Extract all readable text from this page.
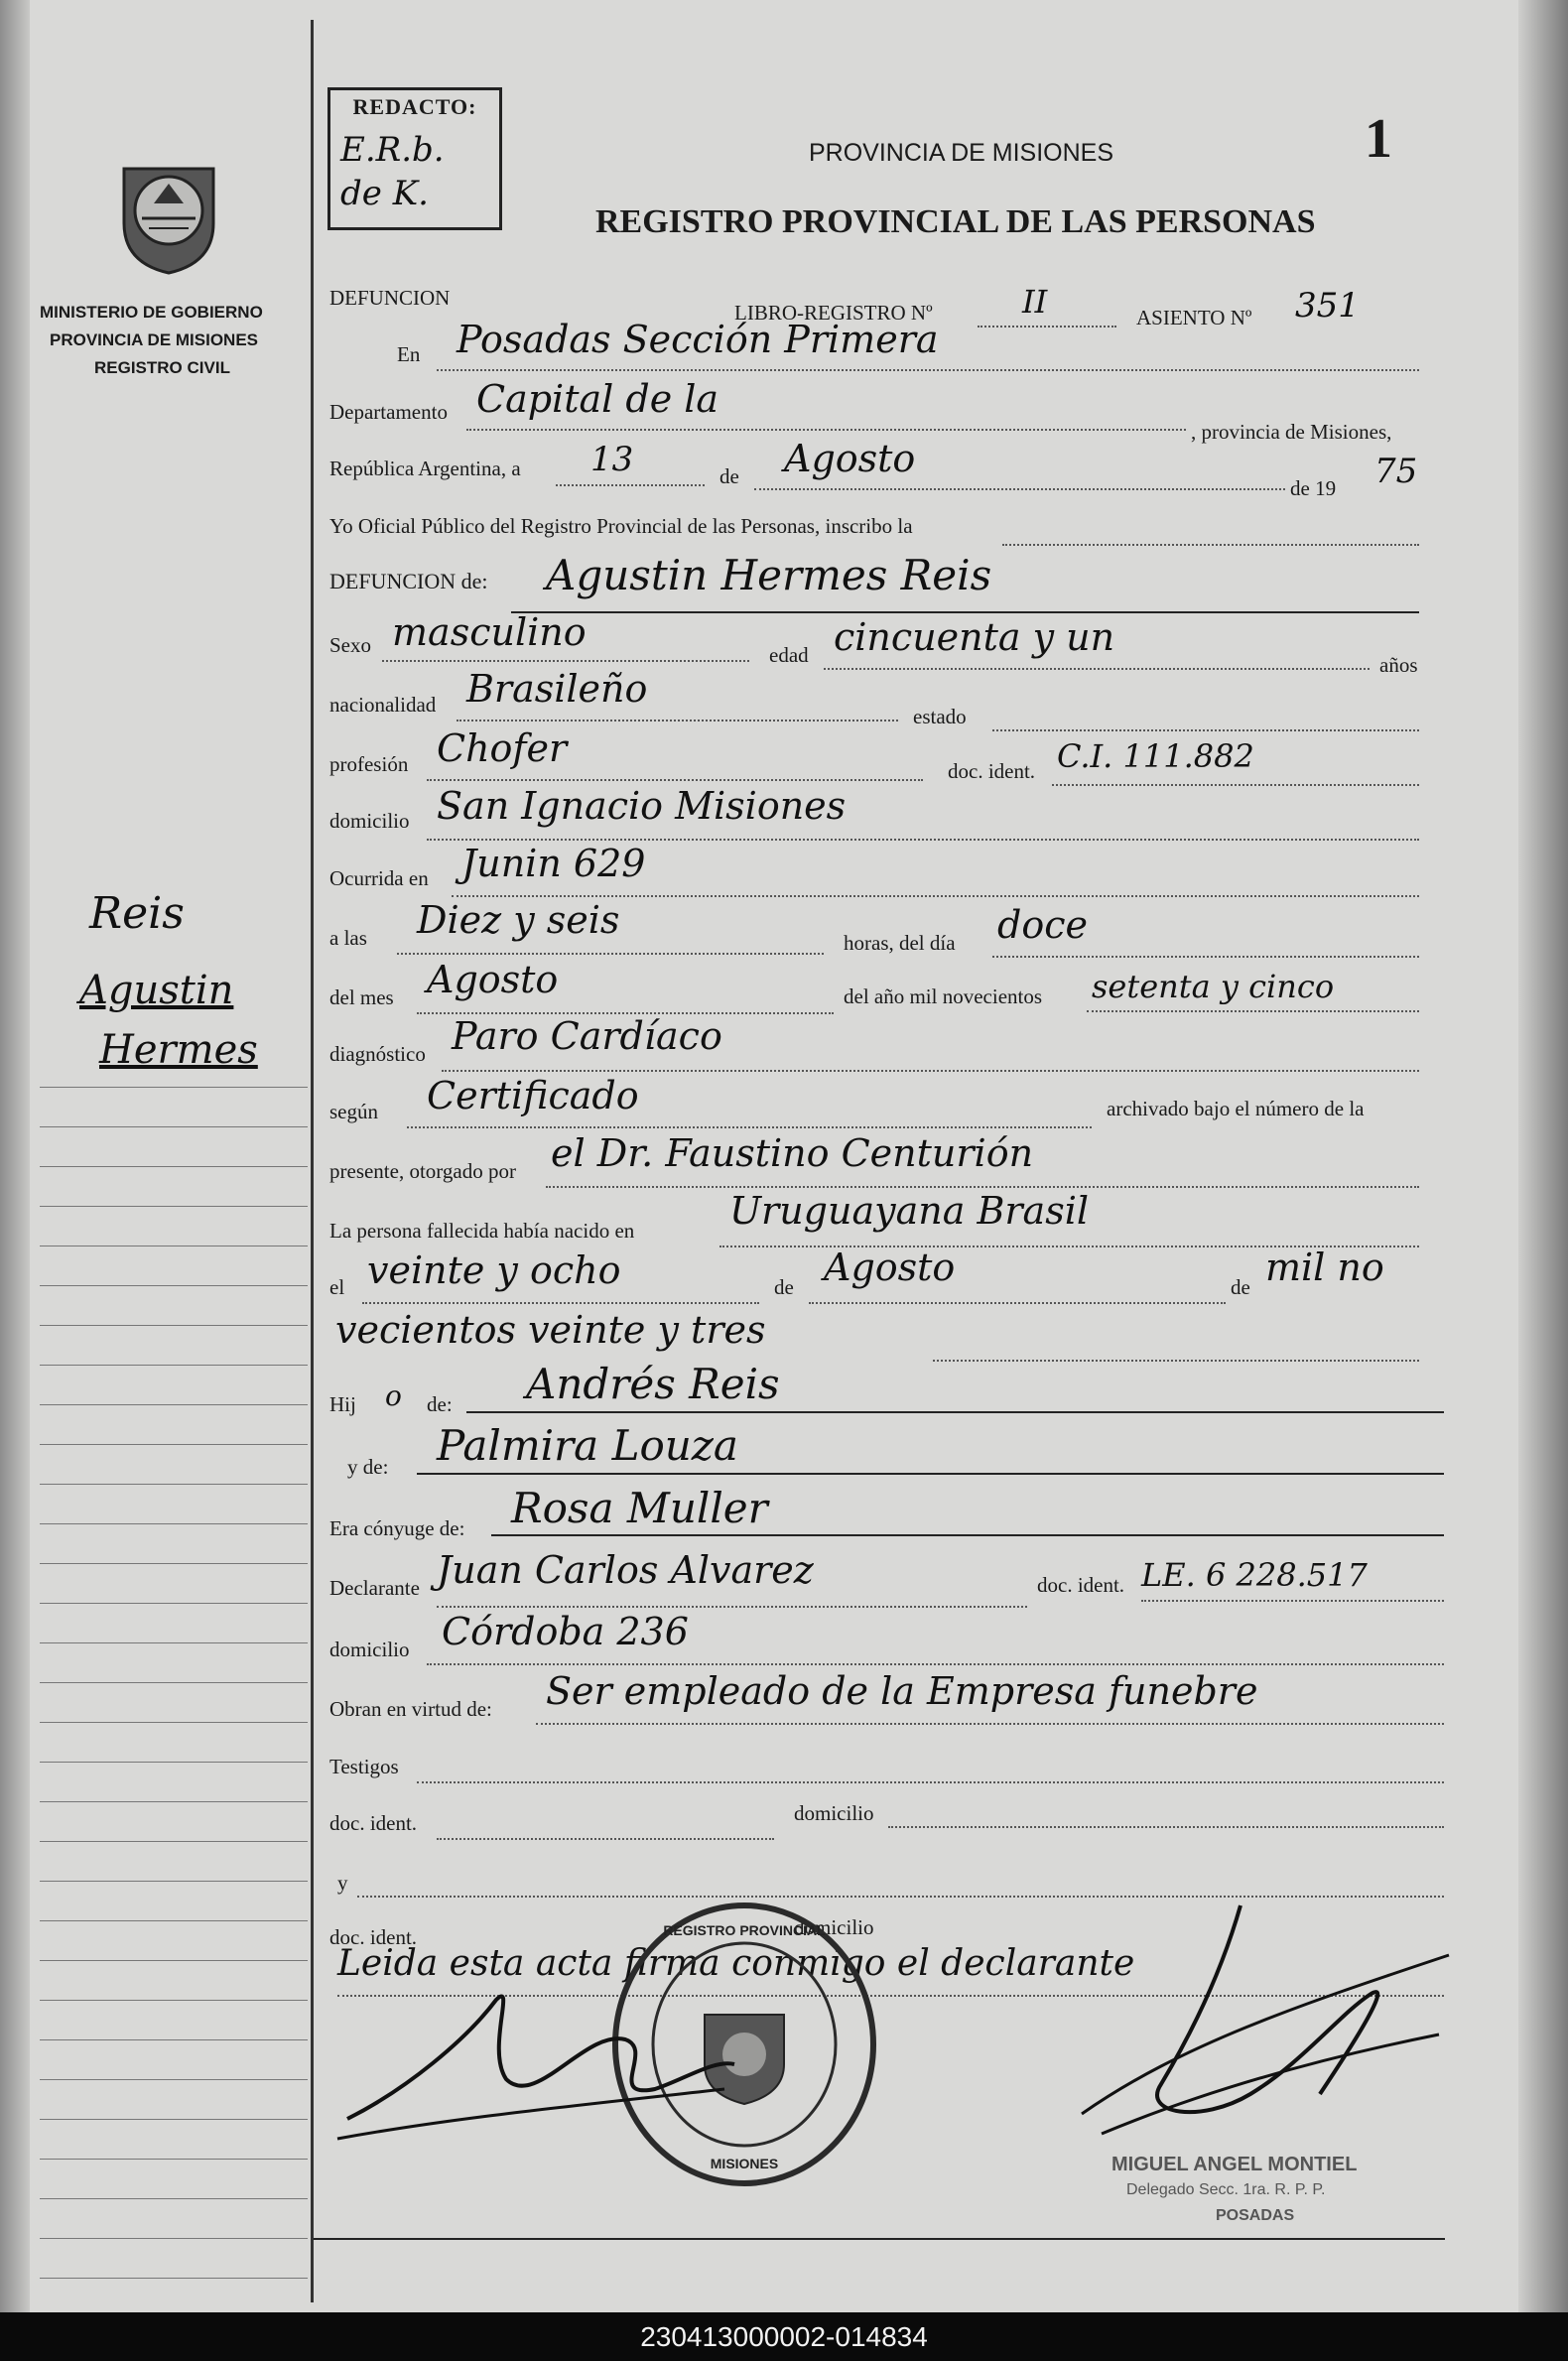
MINISTERIO DE GOBIERNO
PROVINCIA DE MISIONES
REGISTRO CIVIL
Reis
Agustin
Hermes
REDACTO:
E.R.b. de K.
PROVINCIA DE MISIONES
REGISTRO PROVINCIAL DE LAS PERSONAS
1
DEFUNCION
LIBRO-REGISTRO Nº	II	ASIENTO Nº 351
En Posadas Sección Primera
Departamento Capital de la
, provincia de Misiones,
República Argentina, a 13	de Agosto
de 19 75
Yo Oficial Público del Registro Provincial de las Personas, inscribo la
DEFUNCION de: Agustin Hermes Reis
Sexo masculino
edad cincuenta y un
años
nacionalidad Brasileño
estado
profesión Chofer
doc. ident. C.I. 111.882
domicilio San Ignacio Misiones
Ocurrida en Junin 629
a las Diez y seis
horas, del día doce
del mes Agosto	del año mil novecientos setenta y cinco
diagnóstico Paro Cardíaco
según Certificado	archivado bajo el número de la
presente, otorgado por el Dr. Faustino Centurión
La persona fallecida había nacido en	Uruguayana Brasil
el veinte y ocho	de Agosto	de mil no
vecientos veinte y tres
Hij o de: Andrés Reis
y de: Palmira Louza
Era cónyuge de: Rosa Muller
Declarante Juan Carlos Alvarez	doc. ident. LE. 6 228.517
domicilio Córdoba 236
Obran en virtud de: Ser empleado de la Empresa funebre
Testigos
doc. ident.	domicilio
y
doc. ident.	domicilio
Leida esta acta firma conmigo el declarante
REGISTRO PROVINCIAL
MISIONES	MIGUEL ANGEL MONTIEL
Delegado Secc. 1ra. R. P. P.
POSADAS
230413000002-014834
